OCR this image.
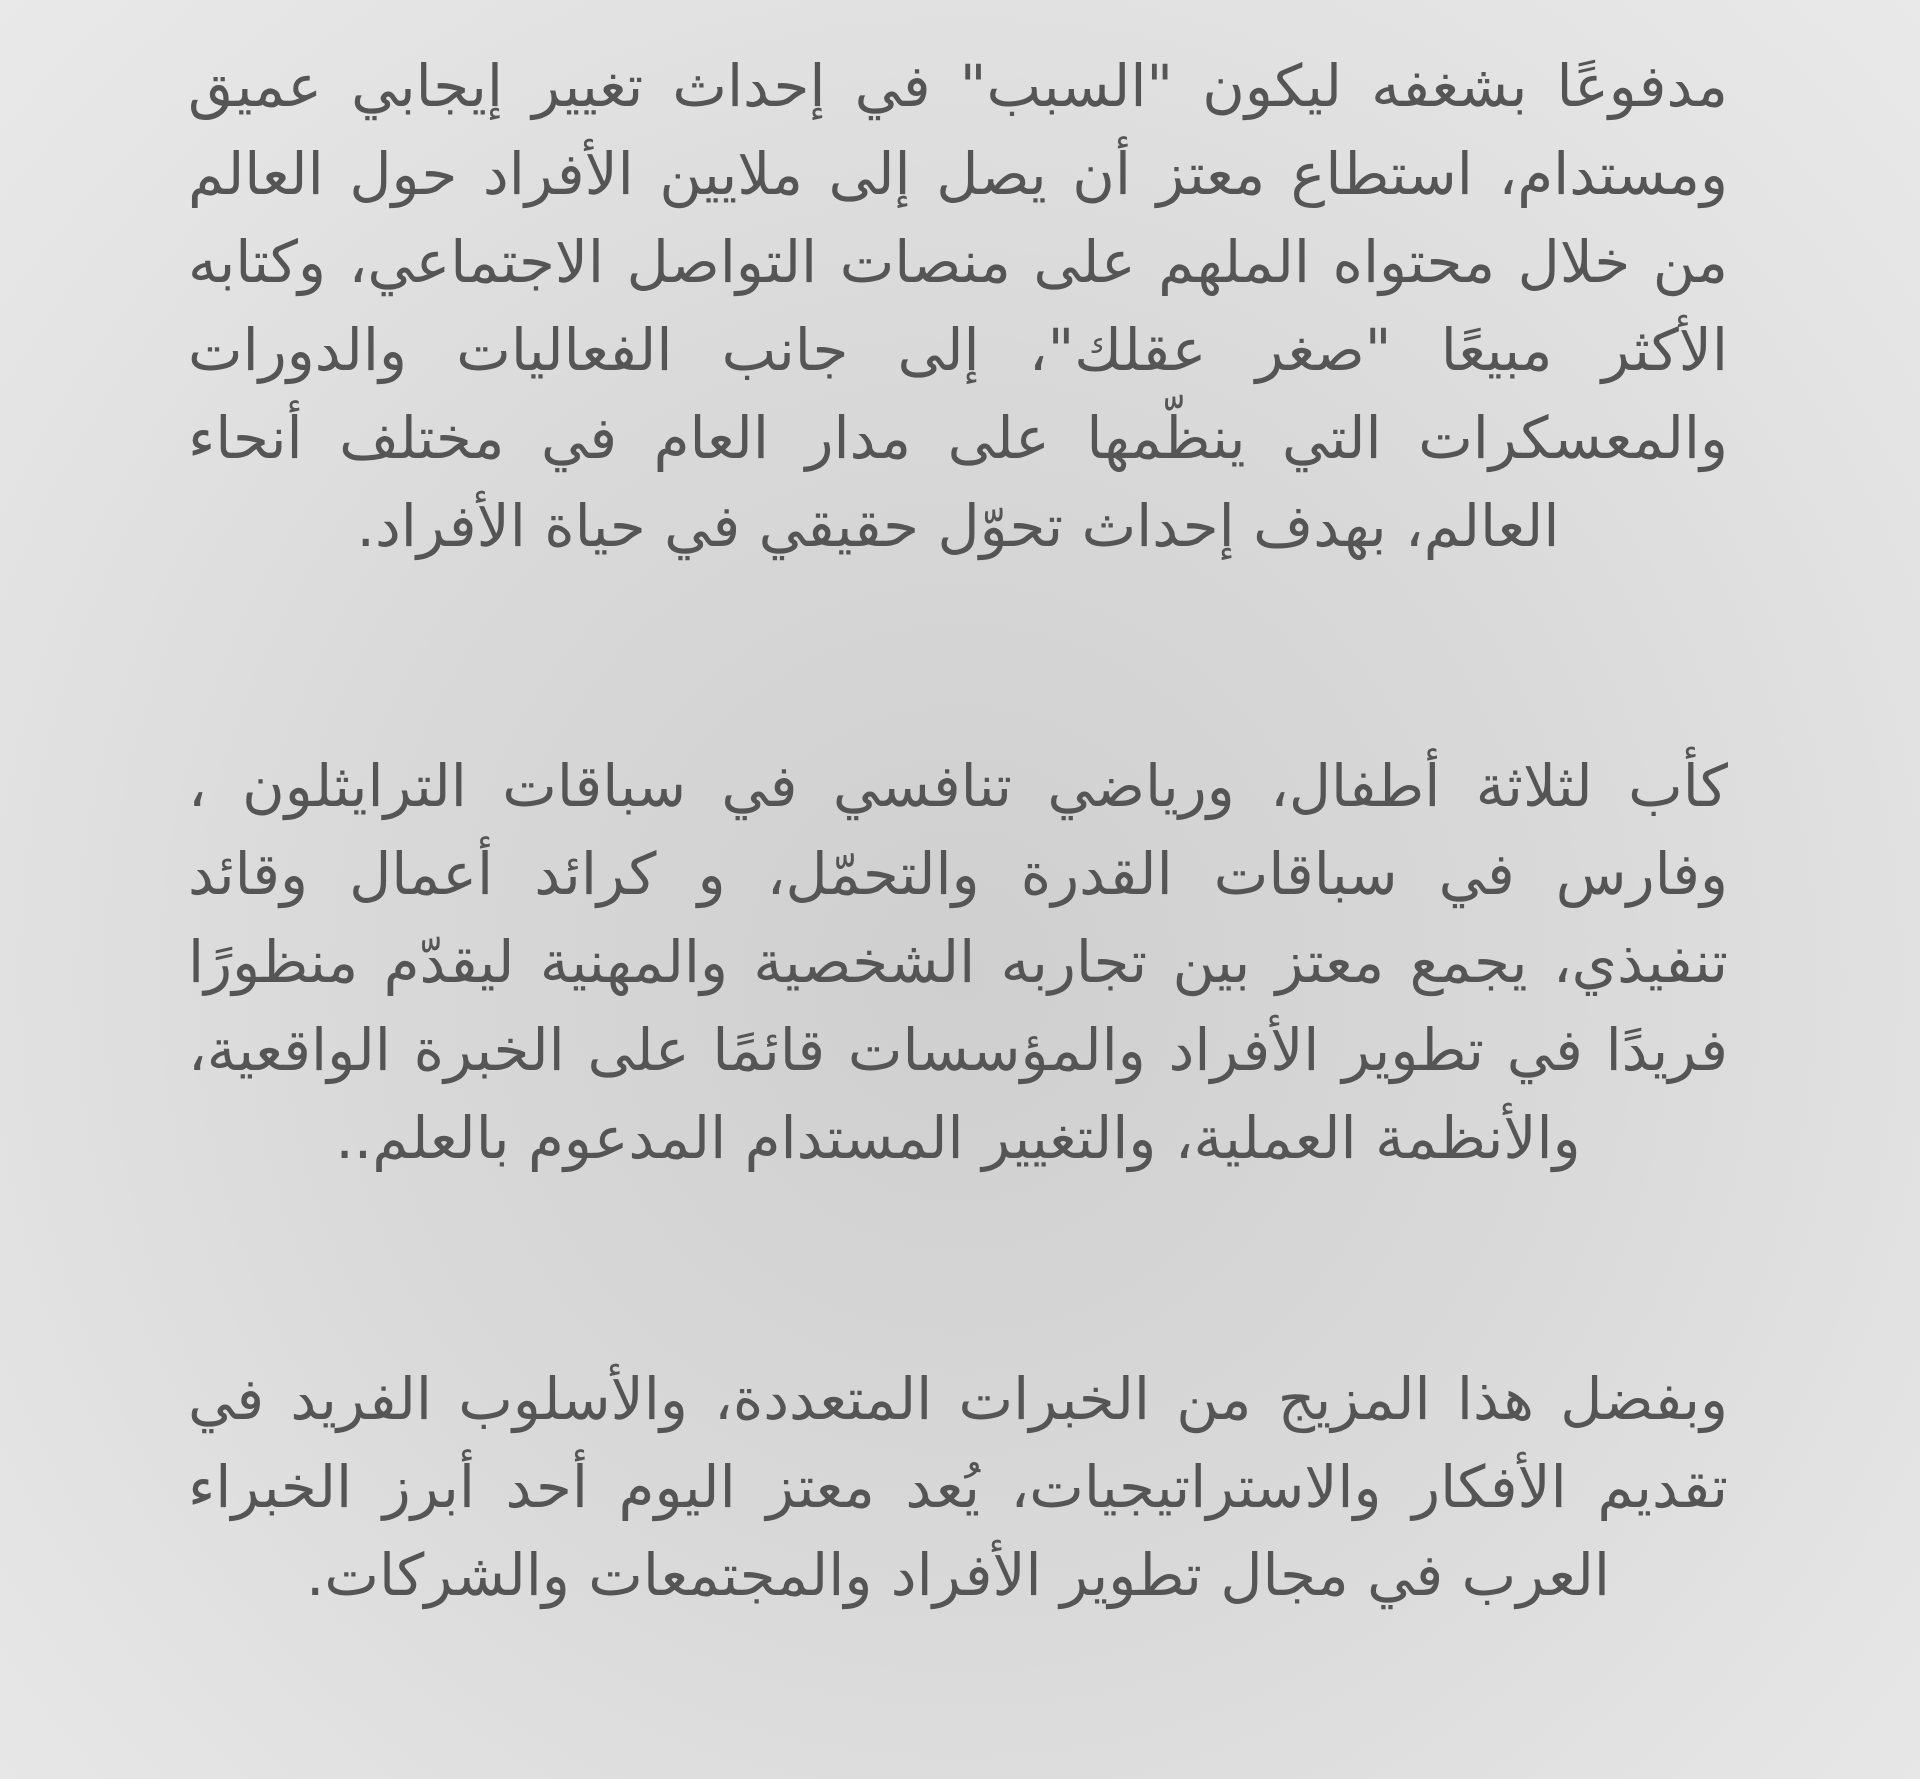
مدفوعًا بشغفه ليكون "السبب" في إحداث تغيير إيجابي عميق ومستدام، استطاع معتز أن يصل إلى ملايين الأفراد حول العالم من خلال محتواه الملهم على منصات التواصل الاجتماعي، وكتابه الأكثر مبيعًا "صغر عقلك"، إلى جانب الفعاليات والدورات والمعسكرات التي ينظّمها على مدار العام في مختلف أنحاء العالم، بهدف إحداث تحوّل حقيقي في حياة الأفراد.

كأب لثلاثة أطفال، ورياضي تنافسي في سباقات الترايثلون ، وفارس في سباقات القدرة والتحمّل، و كرائد أعمال وقائد تنفيذي، يجمع معتز بين تجاربه الشخصية والمهنية ليقدّم منظورًا فريدًا في تطوير الأفراد والمؤسسات قائمًا على الخبرة الواقعية، والأنظمة العملية، والتغيير المستدام المدعوم بالعلم..

وبفضل هذا المزيج من الخبرات المتعددة، والأسلوب الفريد في تقديم الأفكار والاستراتيجيات، يُعد معتز اليوم أحد أبرز الخبراء العرب في مجال تطوير الأفراد والمجتمعات والشركات.
